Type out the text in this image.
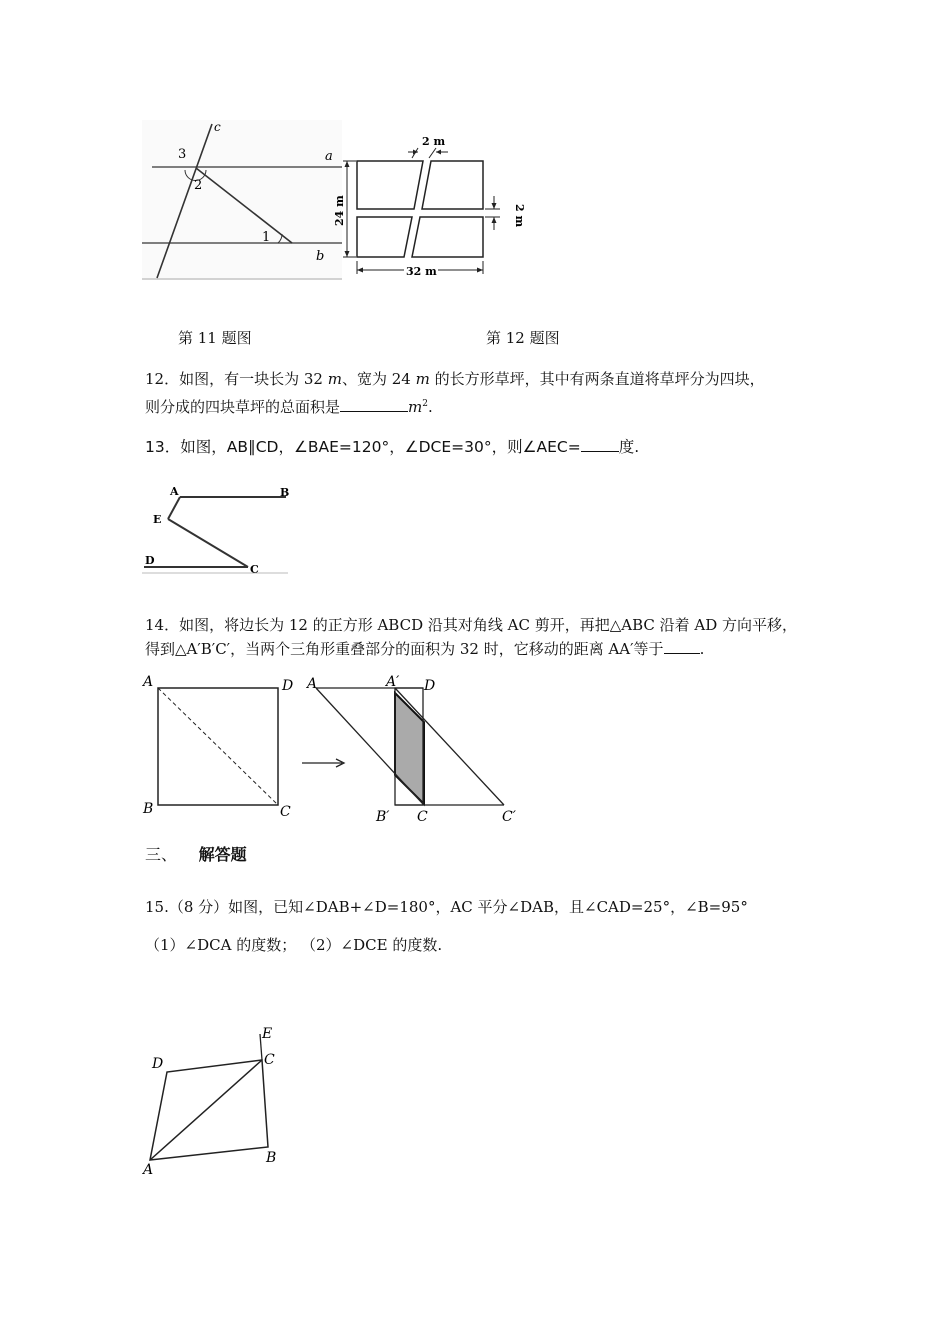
c
3
2
a
1
b
2 m
24 m	2 m
32 m
第 11 题图	第 12 题图
12．如图，有一块长为 32 m、宽为 24 m 的长方形草坪，其中有两条直道将草坪分为四块，
则分成的四块草坪的总面积是	$m^2$.
13．如图，AB∥CD，∠BAE=120°，∠DCE=30°，则∠AEC= 度.
A	B
E
D
C
14．如图，将边长为 12 的正方形 ABCD 沿其对角线 AC 剪开，再把△ABC 沿着 AD 方向平移，
得到△A′B′C′，当两个三角形重叠部分的面积为 32 时，它移动的距离 AA′等于 .
A	D
B	C
A	A′ D
B′ C	C′
三、 解答题
15.（8 分）如图，已知∠DAB+∠D=180°，AC 平分∠DAB，且∠CAD=25°，∠B=95°
（1）∠DCA 的度数； （2）∠DCE 的度数.
E
C
D
A
B
